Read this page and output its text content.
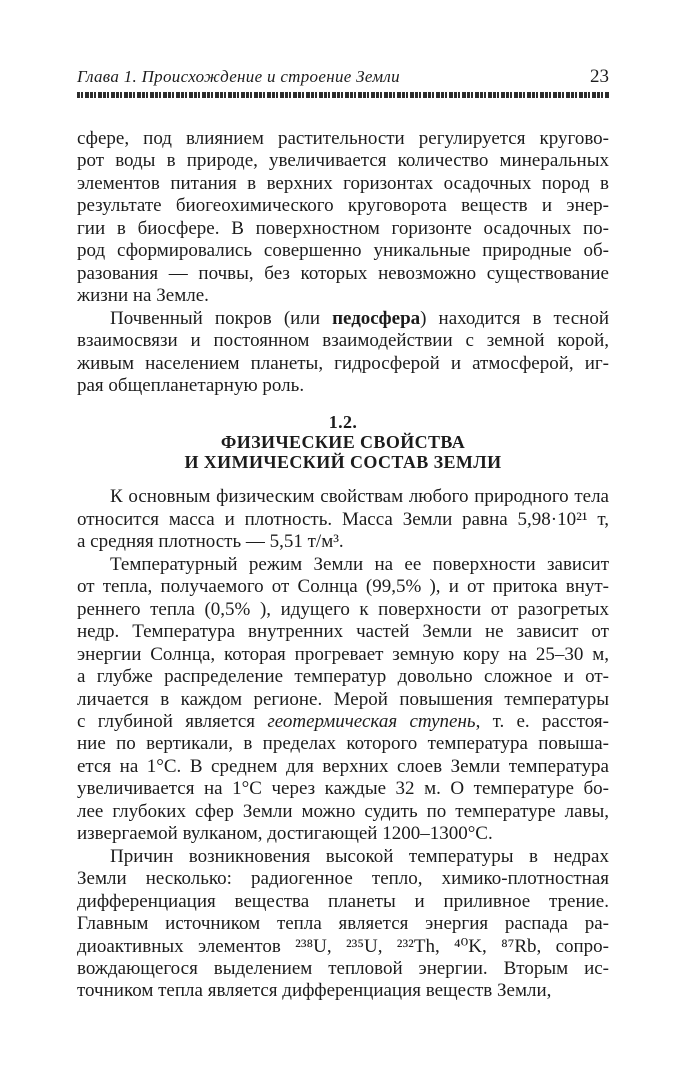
Глава 1. Происхождение и строение Земли	23
сфере, под влиянием растительности регулируется кругово-
рот воды в природе, увеличивается количество минеральных
элементов питания в верхних горизонтах осадочных пород в
результате биогеохимического круговорота веществ и энер-
гии в биосфере. В поверхностном горизонте осадочных по-
род сформировались совершенно уникальные природные об-
разования — почвы, без которых невозможно существование
жизни на Земле.
Почвенный покров (или педосфера) находится в тесной
взаимосвязи и постоянном взаимодействии с земной корой,
живым населением планеты, гидросферой и атмосферой, иг-
рая общепланетарную роль.
1.2.
ФИЗИЧЕСКИЕ СВОЙСТВА
И ХИМИЧЕСКИЙ СОСТАВ ЗЕМЛИ
К основным физическим свойствам любого природного тела
относится масса и плотность. Масса Земли равна 5,98·10²¹ т,
а средняя плотность — 5,51 т/м³.
Температурный режим Земли на ее поверхности зависит
от тепла, получаемого от Солнца (99,5% ), и от притока внут-
реннего тепла (0,5% ), идущего к поверхности от разогретых
недр. Температура внутренних частей Земли не зависит от
энергии Солнца, которая прогревает земную кору на 25–30 м,
а глубже распределение температур довольно сложное и от-
личается в каждом регионе. Мерой повышения температуры
с глубиной является геотермическая ступень, т. е. расстоя-
ние по вертикали, в пределах которого температура повыша-
ется на 1°С. В среднем для верхних слоев Земли температура
увеличивается на 1°С через каждые 32 м. О температуре бо-
лее глубоких сфер Земли можно судить по температуре лавы,
извергаемой вулканом, достигающей 1200–1300°С.
Причин возникновения высокой температуры в недрах
Земли несколько: радиогенное тепло, химико-плотностная
дифференциация вещества планеты и приливное трение.
Главным источником тепла является энергия распада ра-
диоактивных элементов ²³⁸U, ²³⁵U, ²³²Th, ⁴⁰K, ⁸⁷Rb, сопро-
вождающегося выделением тепловой энергии. Вторым ис-
точником тепла является дифференциация веществ Земли,
